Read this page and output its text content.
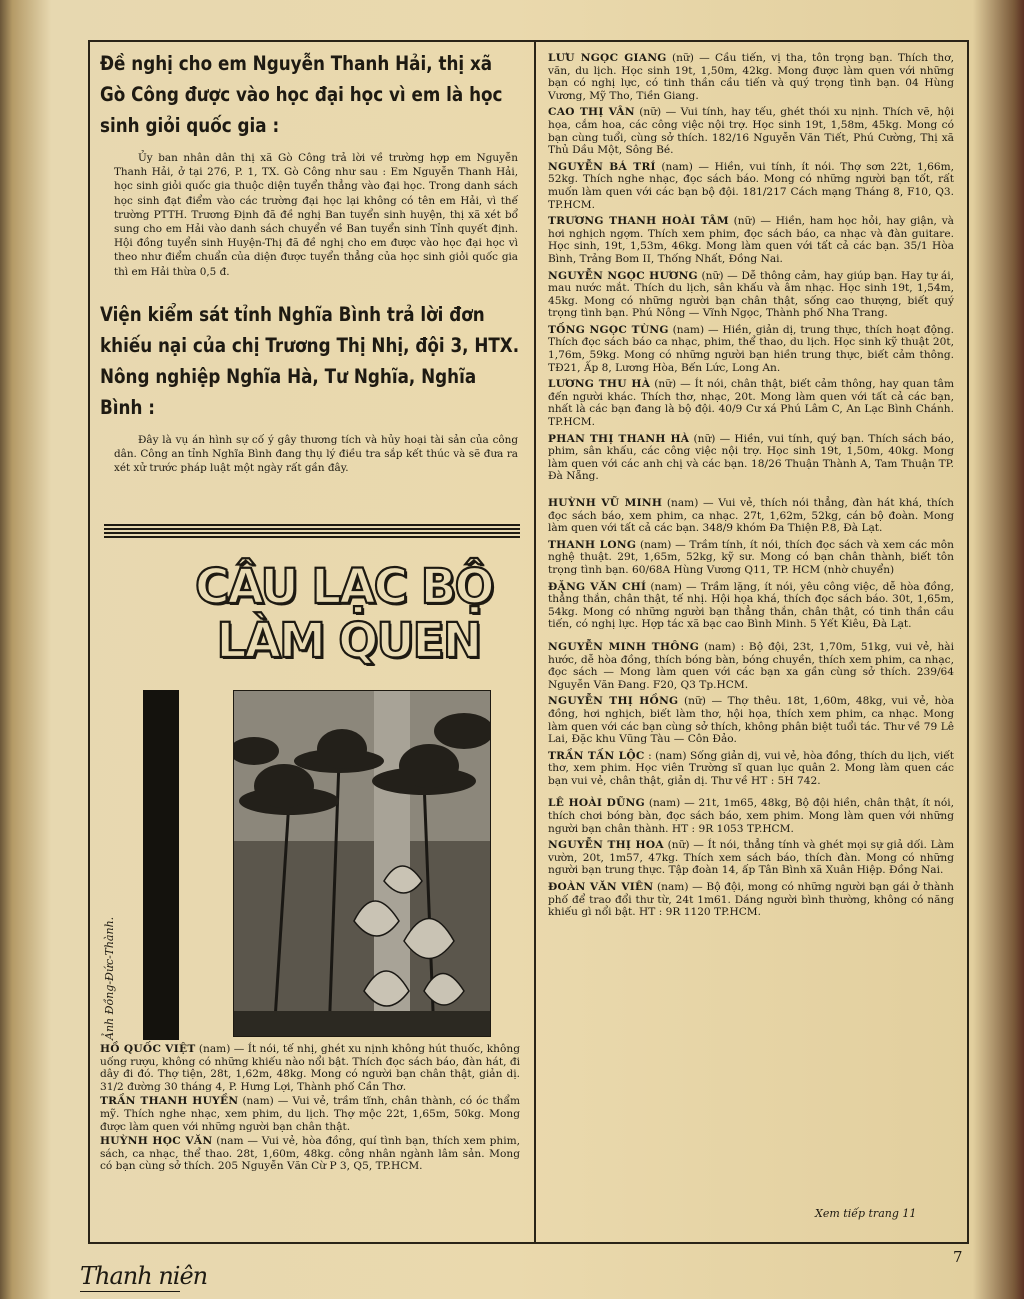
Đề nghị cho em Nguyễn Thanh Hải, thị xã Gò Công được vào học đại học vì em là học sinh giỏi quốc gia :

Ủy ban nhân dân thị xã Gò Công trả lời về trường hợp em Nguyễn Thanh Hải, ở tại 276, P. 1, TX. Gò Công như sau : Em Nguyễn Thanh Hải, học sinh giỏi quốc gia thuộc diện tuyển thẳng vào đại học. Trong danh sách học sinh đạt điểm vào các trường đại học lại không có tên em Hải, vì thế trường PTTH. Trương Định đã đề nghị Ban tuyển sinh huyện, thị xã xét bổ sung cho em Hải vào danh sách chuyển về Ban tuyển sinh Tỉnh quyết định. Hội đồng tuyển sinh Huyện-Thị đã đề nghị cho em được vào học đại học vì theo như điểm chuẩn của diện được tuyển thẳng của học sinh giỏi quốc gia thì em Hải thừa 0,5 đ.

Viện kiểm sát tỉnh Nghĩa Bình trả lời đơn khiếu nại của chị Trương Thị Nhị, đội 3, HTX. Nông nghiệp Nghĩa Hà, Tư Nghĩa, Nghĩa Bình :

Đây là vụ án hình sự cố ý gây thương tích và hủy hoại tài sản của công dân. Công an tỉnh Nghĩa Bình đang thụ lý điều tra sắp kết thúc và sẽ đưa ra xét xử trước pháp luật một ngày rất gần đây.

CÂU LẠC BỘ
LÀM QUEN
Ảnh Đồng-Đức-Thành.

HỒ QUỐC VIỆT (nam) — Ít nói, tế nhị, ghét xu nịnh không hút thuốc, không uống rượu, không có những khiếu nào nổi bật. Thích đọc sách báo, đàn hát, đi dây đi đó. Thợ tiện, 28t, 1,62m, 48kg. Mong có người bạn chân thật, giản dị. 31/2 đường 30 tháng 4, P. Hưng Lợi, Thành phố Cần Thơ.

TRẦN THANH HUYỀN (nam) — Vui vẻ, trầm tĩnh, chân thành, có óc thẩm mỹ. Thích nghe nhạc, xem phim, du lịch. Thợ mộc 22t, 1,65m, 50kg. Mong được làm quen với những người bạn chân thật.

HUỲNH HỌC VĂN (nam — Vui vẻ, hòa đồng, quí tình bạn, thích xem phim, sách, ca nhạc, thể thao. 28t, 1,60m, 48kg. công nhân ngành lâm sản. Mong có bạn cùng sở thích. 205 Nguyễn Văn Cừ P 3, Q5, TP.HCM.

LƯU NGỌC GIANG (nữ) — Cầu tiến, vị tha, tôn trọng bạn. Thích thơ, văn, du lịch. Học sinh 19t, 1,50m, 42kg. Mong được làm quen với những bạn có nghị lực, có tinh thần cầu tiến và quý trọng tình bạn. 04 Hùng Vương, Mỹ Tho, Tiền Giang.

CAO THỊ VÂN (nữ) — Vui tính, hay tếu, ghét thói xu nịnh. Thích vẽ, hội họa, cắm hoa, các công việc nội trợ. Học sinh 19t, 1,58m, 45kg. Mong có bạn cùng tuổi, cùng sở thích. 182/16 Nguyễn Văn Tiết, Phú Cường, Thị xã Thủ Dầu Một, Sông Bé.

NGUYỄN BÁ TRÍ (nam) — Hiền, vui tính, ít nói. Thợ sơn 22t, 1,66m, 52kg. Thích nghe nhạc, đọc sách báo. Mong có những người bạn tốt, rất muốn làm quen với các bạn bộ đội. 181/217 Cách mạng Tháng 8, F10, Q3. TP.HCM.

TRƯƠNG THANH HOÀI TÂM (nữ) — Hiền, ham học hỏi, hay giận, và hơi nghịch ngợm. Thích xem phim, đọc sách báo, ca nhạc và đàn guitare. Học sinh, 19t, 1,53m, 46kg. Mong làm quen với tất cả các bạn. 35/1 Hòa Bình, Trảng Bom II, Thống Nhất, Đồng Nai.

NGUYỄN NGỌC HƯƠNG (nữ) — Dễ thông cảm, hay giúp bạn. Hay tự ái, mau nước mắt. Thích du lịch, sân khấu và âm nhạc. Học sinh 19t, 1,54m, 45kg. Mong có những người bạn chân thật, sống cao thượng, biết quý trọng tình bạn. Phú Nông — Vĩnh Ngọc, Thành phố Nha Trang.

TỐNG NGỌC TÙNG (nam) — Hiền, giản dị, trung thực, thích hoạt động. Thích đọc sách báo ca nhạc, phim, thể thao, du lịch. Học sinh kỹ thuật 20t, 1,76m, 59kg. Mong có những người bạn hiền trung thực, biết cảm thông. TĐ21, Ấp 8, Lương Hòa, Bến Lức, Long An.

LƯƠNG THU HÀ (nữ) — Ít nói, chân thật, biết cảm thông, hay quan tâm đến người khác. Thích thơ, nhạc, 20t. Mong làm quen với tất cả các bạn, nhất là các bạn đang là bộ đội. 40/9 Cư xá Phú Lâm C, An Lạc Bình Chánh. TP.HCM.

PHAN THỊ THANH HÀ (nữ) — Hiền, vui tính, quý bạn. Thích sách báo, phim, sân khấu, các công việc nội trợ. Học sinh 19t, 1,50m, 40kg. Mong làm quen với các anh chị và các bạn. 18/26 Thuận Thành A, Tam Thuận TP. Đà Nẵng.

HUỲNH VŨ MINH (nam) — Vui vẻ, thích nói thẳng, đàn hát khá, thích đọc sách báo, xem phim, ca nhạc. 27t, 1,62m, 52kg, cán bộ đoàn. Mong làm quen với tất cả các bạn. 348/9 khóm Đa Thiện P.8, Đà Lạt.

THANH LONG (nam) — Trầm tính, ít nói, thích đọc sách và xem các môn nghệ thuật. 29t, 1,65m, 52kg, kỹ sư. Mong có bạn chân thành, biết tôn trọng tình bạn. 60/68A Hùng Vương Q11, TP. HCM (nhờ chuyển)

ĐẶNG VĂN CHÍ (nam) — Trầm lặng, ít nói, yêu công việc, dễ hòa đồng, thẳng thắn, chân thật, tế nhị. Hội họa khá, thích đọc sách báo. 30t, 1,65m, 54kg. Mong có những người bạn thẳng thắn, chân thật, có tinh thần cầu tiến, có nghị lực. Hợp tác xã bạc cao Bình Minh. 5 Yết Kiêu, Đà Lạt.

NGUYỄN MINH THÔNG (nam) : Bộ đội, 23t, 1,70m, 51kg, vui vẻ, hài hước, dễ hòa đồng, thích bóng bàn, bóng chuyền, thích xem phim, ca nhạc, đọc sách — Mong làm quen với các bạn xa gần cùng sở thích. 239/64 Nguyễn Văn Đang. F20, Q3 Tp.HCM.

NGUYỄN THỊ HỒNG (nữ) — Thợ thêu. 18t, 1,60m, 48kg, vui vẻ, hòa đồng, hơi nghịch, biết làm thơ, hội họa, thích xem phim, ca nhạc. Mong làm quen với các bạn cùng sở thích, không phân biệt tuổi tác. Thư về 79 Lê Lai, Đặc khu Vũng Tàu — Côn Đảo.

TRẦN TẤN LỘC : (nam) Sống giản dị, vui vẻ, hòa đồng, thích du lịch, viết thơ, xem phim. Học viên Trường sĩ quan lục quân 2. Mong làm quen các bạn vui vẻ, chân thật, giản dị. Thư về HT : 5H 742.

LÊ HOÀI DŨNG (nam) — 21t, 1m65, 48kg, Bộ đội hiền, chân thật, ít nói, thích chơi bóng bàn, đọc sách báo, xem phim. Mong làm quen với những người bạn chân thành. HT : 9R 1053 TP.HCM.

NGUYỄN THỊ HOA (nữ) — Ít nói, thẳng tính và ghét mọi sự giả dối. Làm vườn, 20t, 1m57, 47kg. Thích xem sách báo, thích đàn. Mong có những người bạn trung thực. Tập đoàn 14, ấp Tân Bình xã Xuân Hiệp. Đồng Nai.

ĐOÀN VĂN VIÊN (nam) — Bộ đội, mong có những người bạn gái ở thành phố để trao đổi thư từ, 24t 1m61. Dáng người bình thường, không có năng khiếu gì nổi bật. HT : 9R 1120 TP.HCM.

Xem tiếp trang 11
7
Thanh niên
